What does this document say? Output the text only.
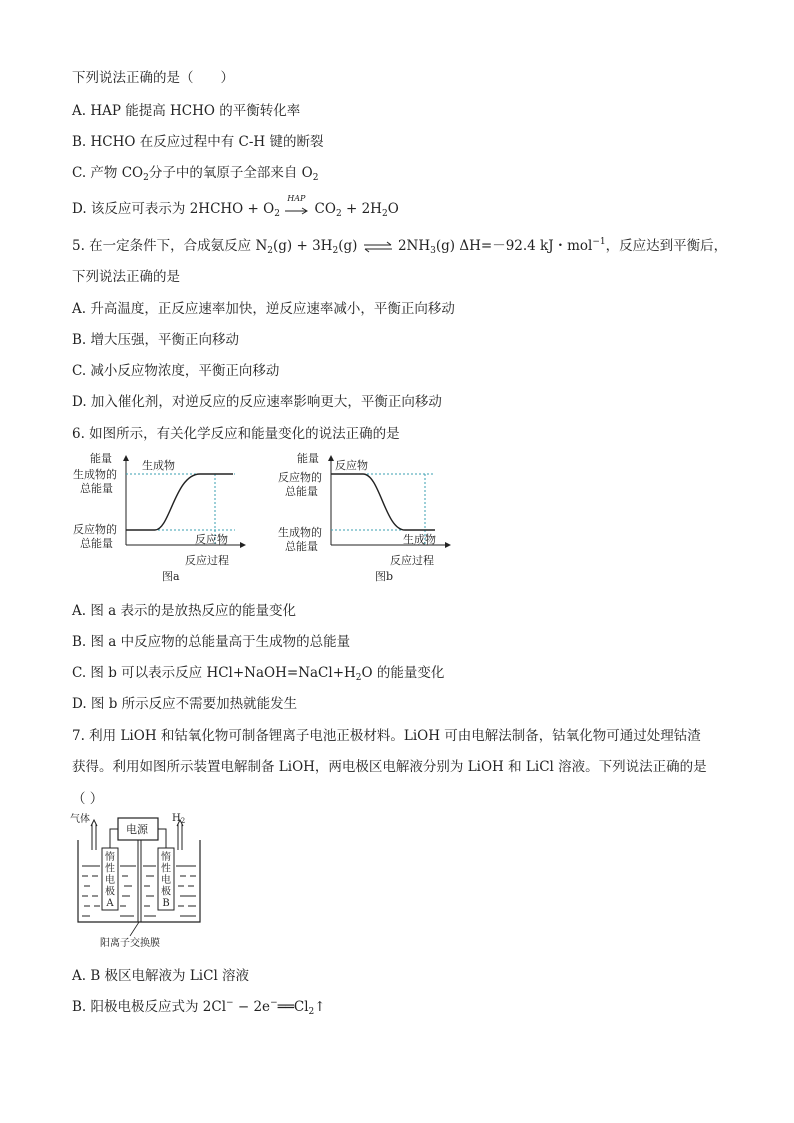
下列说法正确的是（　　）
A. HAP 能提高 HCHO 的平衡转化率
B. HCHO 在反应过程中有 C-H 键的断裂
C. 产物 $CO_2$分子中的氧原子全部来自 $O_2$
D. 该反应可表示为 2HCHO + $O_2$
HAP
$CO_2 + 2H_2O$
5. 在一定条件下，合成氨反应 $N_2(g) + 3H_2(g)$ ⇌ $2NH_3(g)$ ΔH=－92.4 kJ・mol$^{-1}$，反应达到平衡后，
下列说法正确的是
A. 升高温度，正反应速率加快，逆反应速率减小，平衡正向移动
B. 增大压强，平衡正向移动
C. 减小反应物浓度，平衡正向移动
D. 加入催化剂，对逆反应的反应速率影响更大，平衡正向移动
6. 如图所示，有关化学反应和能量变化的说法正确的是
能量
生成物
生成物的
总能量
反应物的
总能量	反应物
反应过程
图a
能量
反应物
反应物的
总能量
生成物的
总能量
生成物
反应过程
图b
A. 图 a 表示的是放热反应的能量变化
B. 图 a 中反应物的总能量高于生成物的总能量
C. 图 b 可以表示反应 $HCl+NaOH=NaCl+H_2O$ 的能量变化
D. 图 b 所示反应不需要加热就能发生
7. 利用 LiOH 和钴氧化物可制备锂离子电池正极材料。LiOH 可由电解法制备，钴氧化物可通过处理钴渣
获得。利用如图所示装置电解制备 LiOH，两电极区电解液分别为 LiOH 和 LiCl 溶液。下列说法正确的是
（ ）
电源
气体	$H_2$
惰
性
电
极
A
惰
性
电
极
B
阳离子交换膜
A. B 极区电解液为 LiCl 溶液
B. 阳极电极反应式为 $2Cl^- - 2e^-══Cl_2↑$
